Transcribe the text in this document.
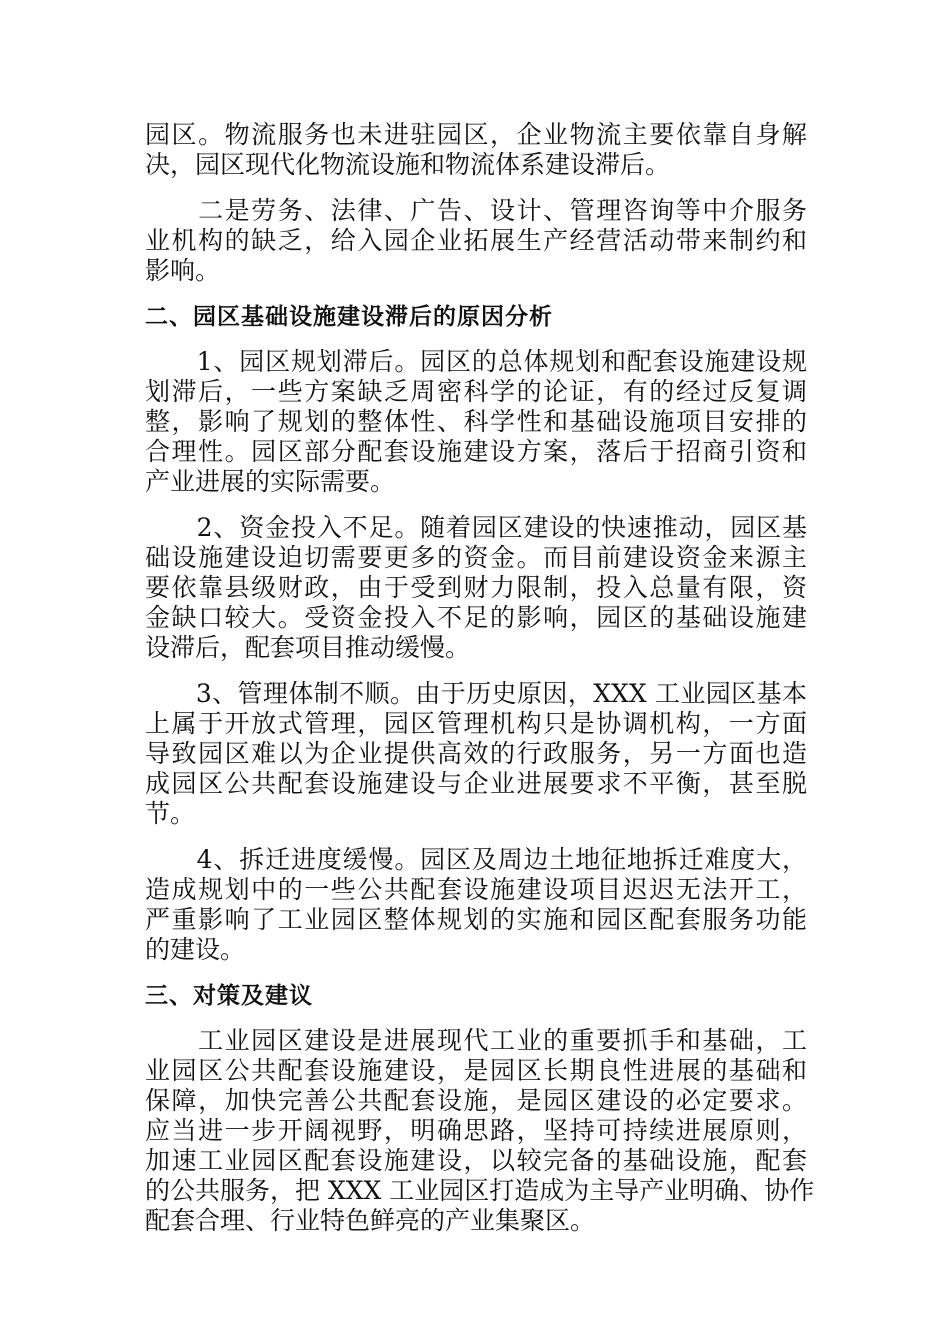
园区。物流服务也未进驻园区，企业物流主要依靠自身解
决，园区现代化物流设施和物流体系建设滞后。
　　二是劳务、法律、广告、设计、管理咨询等中介服务
业机构的缺乏，给入园企业拓展生产经营活动带来制约和
影响。
二、园区基础设施建设滞后的原因分析
　　1、园区规划滞后。园区的总体规划和配套设施建设规
划滞后，一些方案缺乏周密科学的论证，有的经过反复调
整，影响了规划的整体性、科学性和基础设施项目安排的
合理性。园区部分配套设施建设方案，落后于招商引资和
产业进展的实际需要。
　　2、资金投入不足。随着园区建设的快速推动，园区基
础设施建设迫切需要更多的资金。而目前建设资金来源主
要依靠县级财政，由于受到财力限制，投入总量有限，资
金缺口较大。受资金投入不足的影响，园区的基础设施建
设滞后，配套项目推动缓慢。
　　3、管理体制不顺。由于历史原因，XXX 工业园区基本
上属于开放式管理，园区管理机构只是协调机构，一方面
导致园区难以为企业提供高效的行政服务，另一方面也造
成园区公共配套设施建设与企业进展要求不平衡，甚至脱
节。
　　4、拆迁进度缓慢。园区及周边土地征地拆迁难度大，
造成规划中的一些公共配套设施建设项目迟迟无法开工，
严重影响了工业园区整体规划的实施和园区配套服务功能
的建设。
三、对策及建议
　　工业园区建设是进展现代工业的重要抓手和基础，工
业园区公共配套设施建设，是园区长期良性进展的基础和
保障，加快完善公共配套设施，是园区建设的必定要求。
应当进一步开阔视野，明确思路，坚持可持续进展原则，
加速工业园区配套设施建设，以较完备的基础设施，配套
的公共服务，把 XXX 工业园区打造成为主导产业明确、协作
配套合理、行业特色鲜亮的产业集聚区。
